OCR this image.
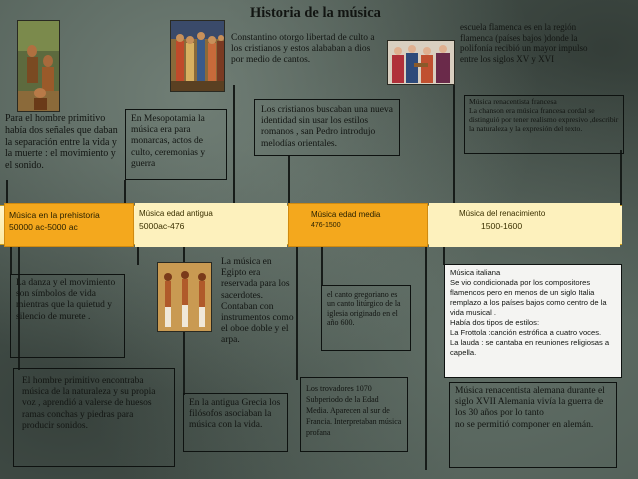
Historia de la música
Música en la prehistoria
50000 ac-5000 ac
Música edad antigua
5000ac-476
Música edad media
476-1500
Música del renacimiento
1500-1600
Para el hombre primitivo había dos señales que daban la separación entre la vida y la muerte : el movimiento y el sonido.
En Mesopotamia la música era para monarcas, actos de culto, ceremonias y guerra
Constantino otorgo libertad de culto a los cristianos y estos alababan a dios por medio de cantos.
Los cristianos buscaban una nueva identidad sin usar los estilos romanos , san Pedro introdujo melodías orientales.
escuela flamenca es en la región flamenca (países bajos )donde la polifonía recibió un mayor impulso entre los siglos XV y XVI
Música renacentista francesa
La chanson era música francesa cordal se distinguió por tener realismo expresivo ,describir la naturaleza y la expresión del texto.
La danza y el movimiento son símbolos de vida mientras que la quietud y silencio de murete .
La música en Egipto era reservada para los sacerdotes. Contaban con instrumentos como el oboe doble y el arpa.
el canto gregoriano es un canto litúrgico de la iglesia originado en el año 600.
Música italiana
Se vio condicionada por los compositores flamencos pero en menos de un siglo Italia remplazo a los países bajos como centro de la vida musical .
Había dos tipos de estilos:
La Frottola :canción estrófica a cuatro voces.
La lauda : se cantaba en reuniones religiosas a capella.
El hombre primitivo encontraba música de la naturaleza y su propia voz , aprendió a valerse de huesos ramas conchas y piedras para producir sonidos.
En la antigua Grecia los filósofos asociaban la música con la vida.
Los trovadores 1070 Subperiodo de la Edad Media. Aparecen al sur de Francia. Interpretaban música profana
Música renacentista alemana durante el siglo XVII Alemania vivía la guerra de los 30 años por lo tanto
no se permitió componer en alemán.
